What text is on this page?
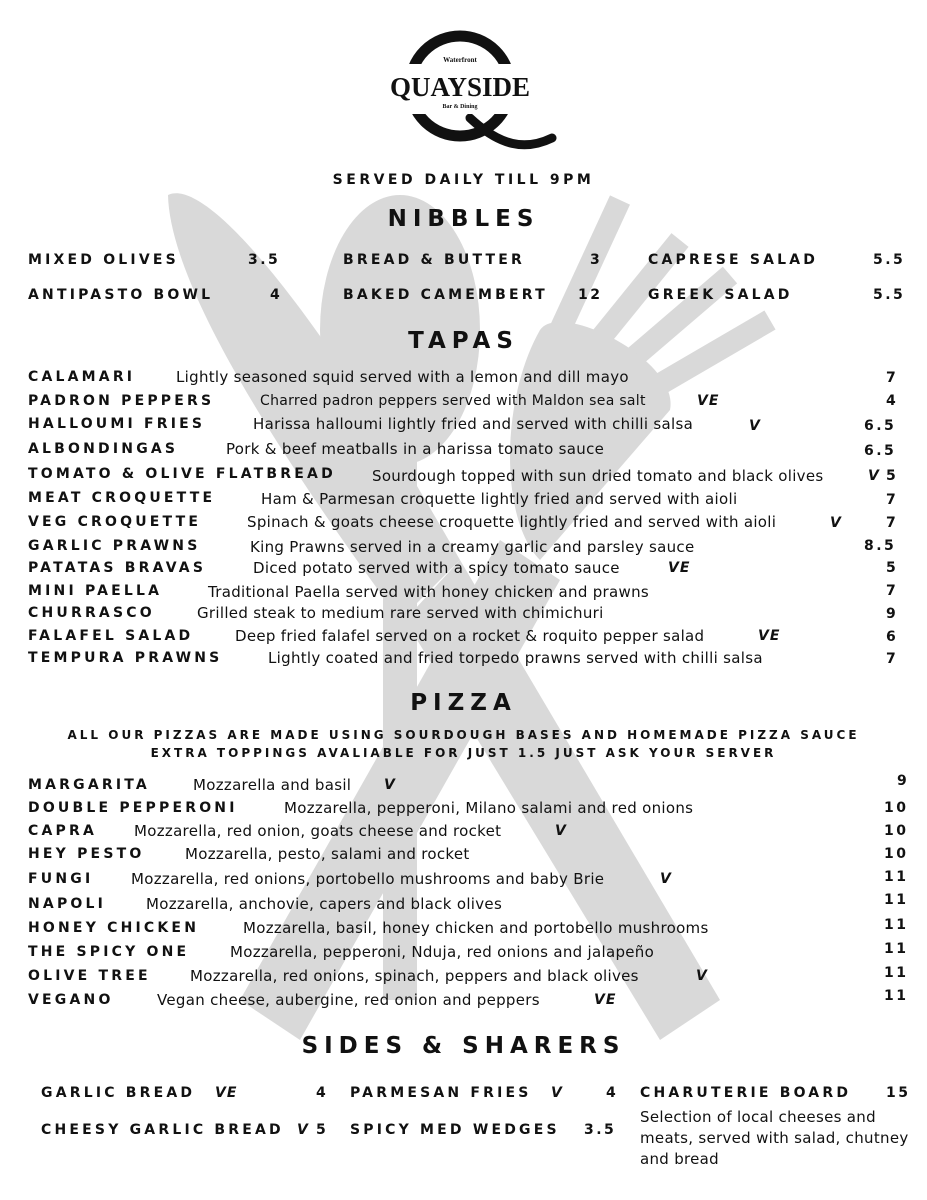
Waterfront
QUAYSIDE
Bar & Dining
SERVED DAILY TILL 9PM
NIBBLES
MIXED OLIVES	3.5	BREAD & BUTTER	3	CAPRESE SALAD	5.5
ANTIPASTO BOWL	4	BAKED CAMEMBERT 12	GREEK SALAD	5.5
TAPAS
CALAMARI	Lightly seasoned squid served with a lemon and dill mayo	7
PADRON PEPPERS	Charred padron peppers served with Maldon sea salt	VE	4
HALLOUMI FRIES	Harissa halloumi lightly fried and served with chilli salsa	V	6.5
ALBONDINGAS	Pork & beef meatballs in a harissa tomato sauce	6.5
TOMATO & OLIVE FLATBREAD Sourdough topped with sun dried tomato and black olives	V 5
MEAT CROQUETTE	Ham & Parmesan croquette lightly fried and served with aioli	7
VEG CROQUETTE	Spinach & goats cheese croquette lightly fried and served with aioli	V	7
GARLIC PRAWNS	King Prawns served in a creamy garlic and parsley sauce	8.5
PATATAS BRAVAS	Diced potato served with a spicy tomato sauce	VE	5
MINI PAELLA	Traditional Paella served with honey chicken and prawns	7
CHURRASCO	Grilled steak to medium rare served with chimichuri	9
FALAFEL SALAD	Deep fried falafel served on a rocket & roquito pepper salad	VE	6
TEMPURA PRAWNS	Lightly coated and fried torpedo prawns served with chilli salsa	7
PIZZA
ALL OUR PIZZAS ARE MADE USING SOURDOUGH BASES AND HOMEMADE PIZZA SAUCE
EXTRA TOPPINGS AVALIABLE FOR JUST 1.5 JUST ASK YOUR SERVER
MARGARITA	Mozzarella and basil V	9
DOUBLE PEPPERONI	Mozzarella, pepperoni, Milano salami and red onions	10
CAPRA Mozzarella, red onion, goats cheese and rocket	V	10
HEY PESTO	Mozzarella, pesto, salami and rocket	10
FUNGI	Mozzarella, red onions, portobello mushrooms and baby Brie	V	11
NAPOLI	Mozzarella, anchovie, capers and black olives	11
HONEY CHICKEN	Mozzarella, basil, honey chicken and portobello mushrooms	11
THE SPICY ONE	Mozzarella, pepperoni, Nduja, red onions and jalapeño	11
OLIVE TREE	Mozzarella, red onions, spinach, peppers and black olives	V	11
VEGANO	Vegan cheese, aubergine, red onion and peppers	VE	11
SIDES & SHARERS
GARLIC BREAD VE	4 PARMESAN FRIES V	4 CHARUTERIE BOARD 15
Selection of local cheeses and meats, served with salad, chutney and bread
CHEESY GARLIC BREAD V 5 SPICY MED WEDGES 3.5
